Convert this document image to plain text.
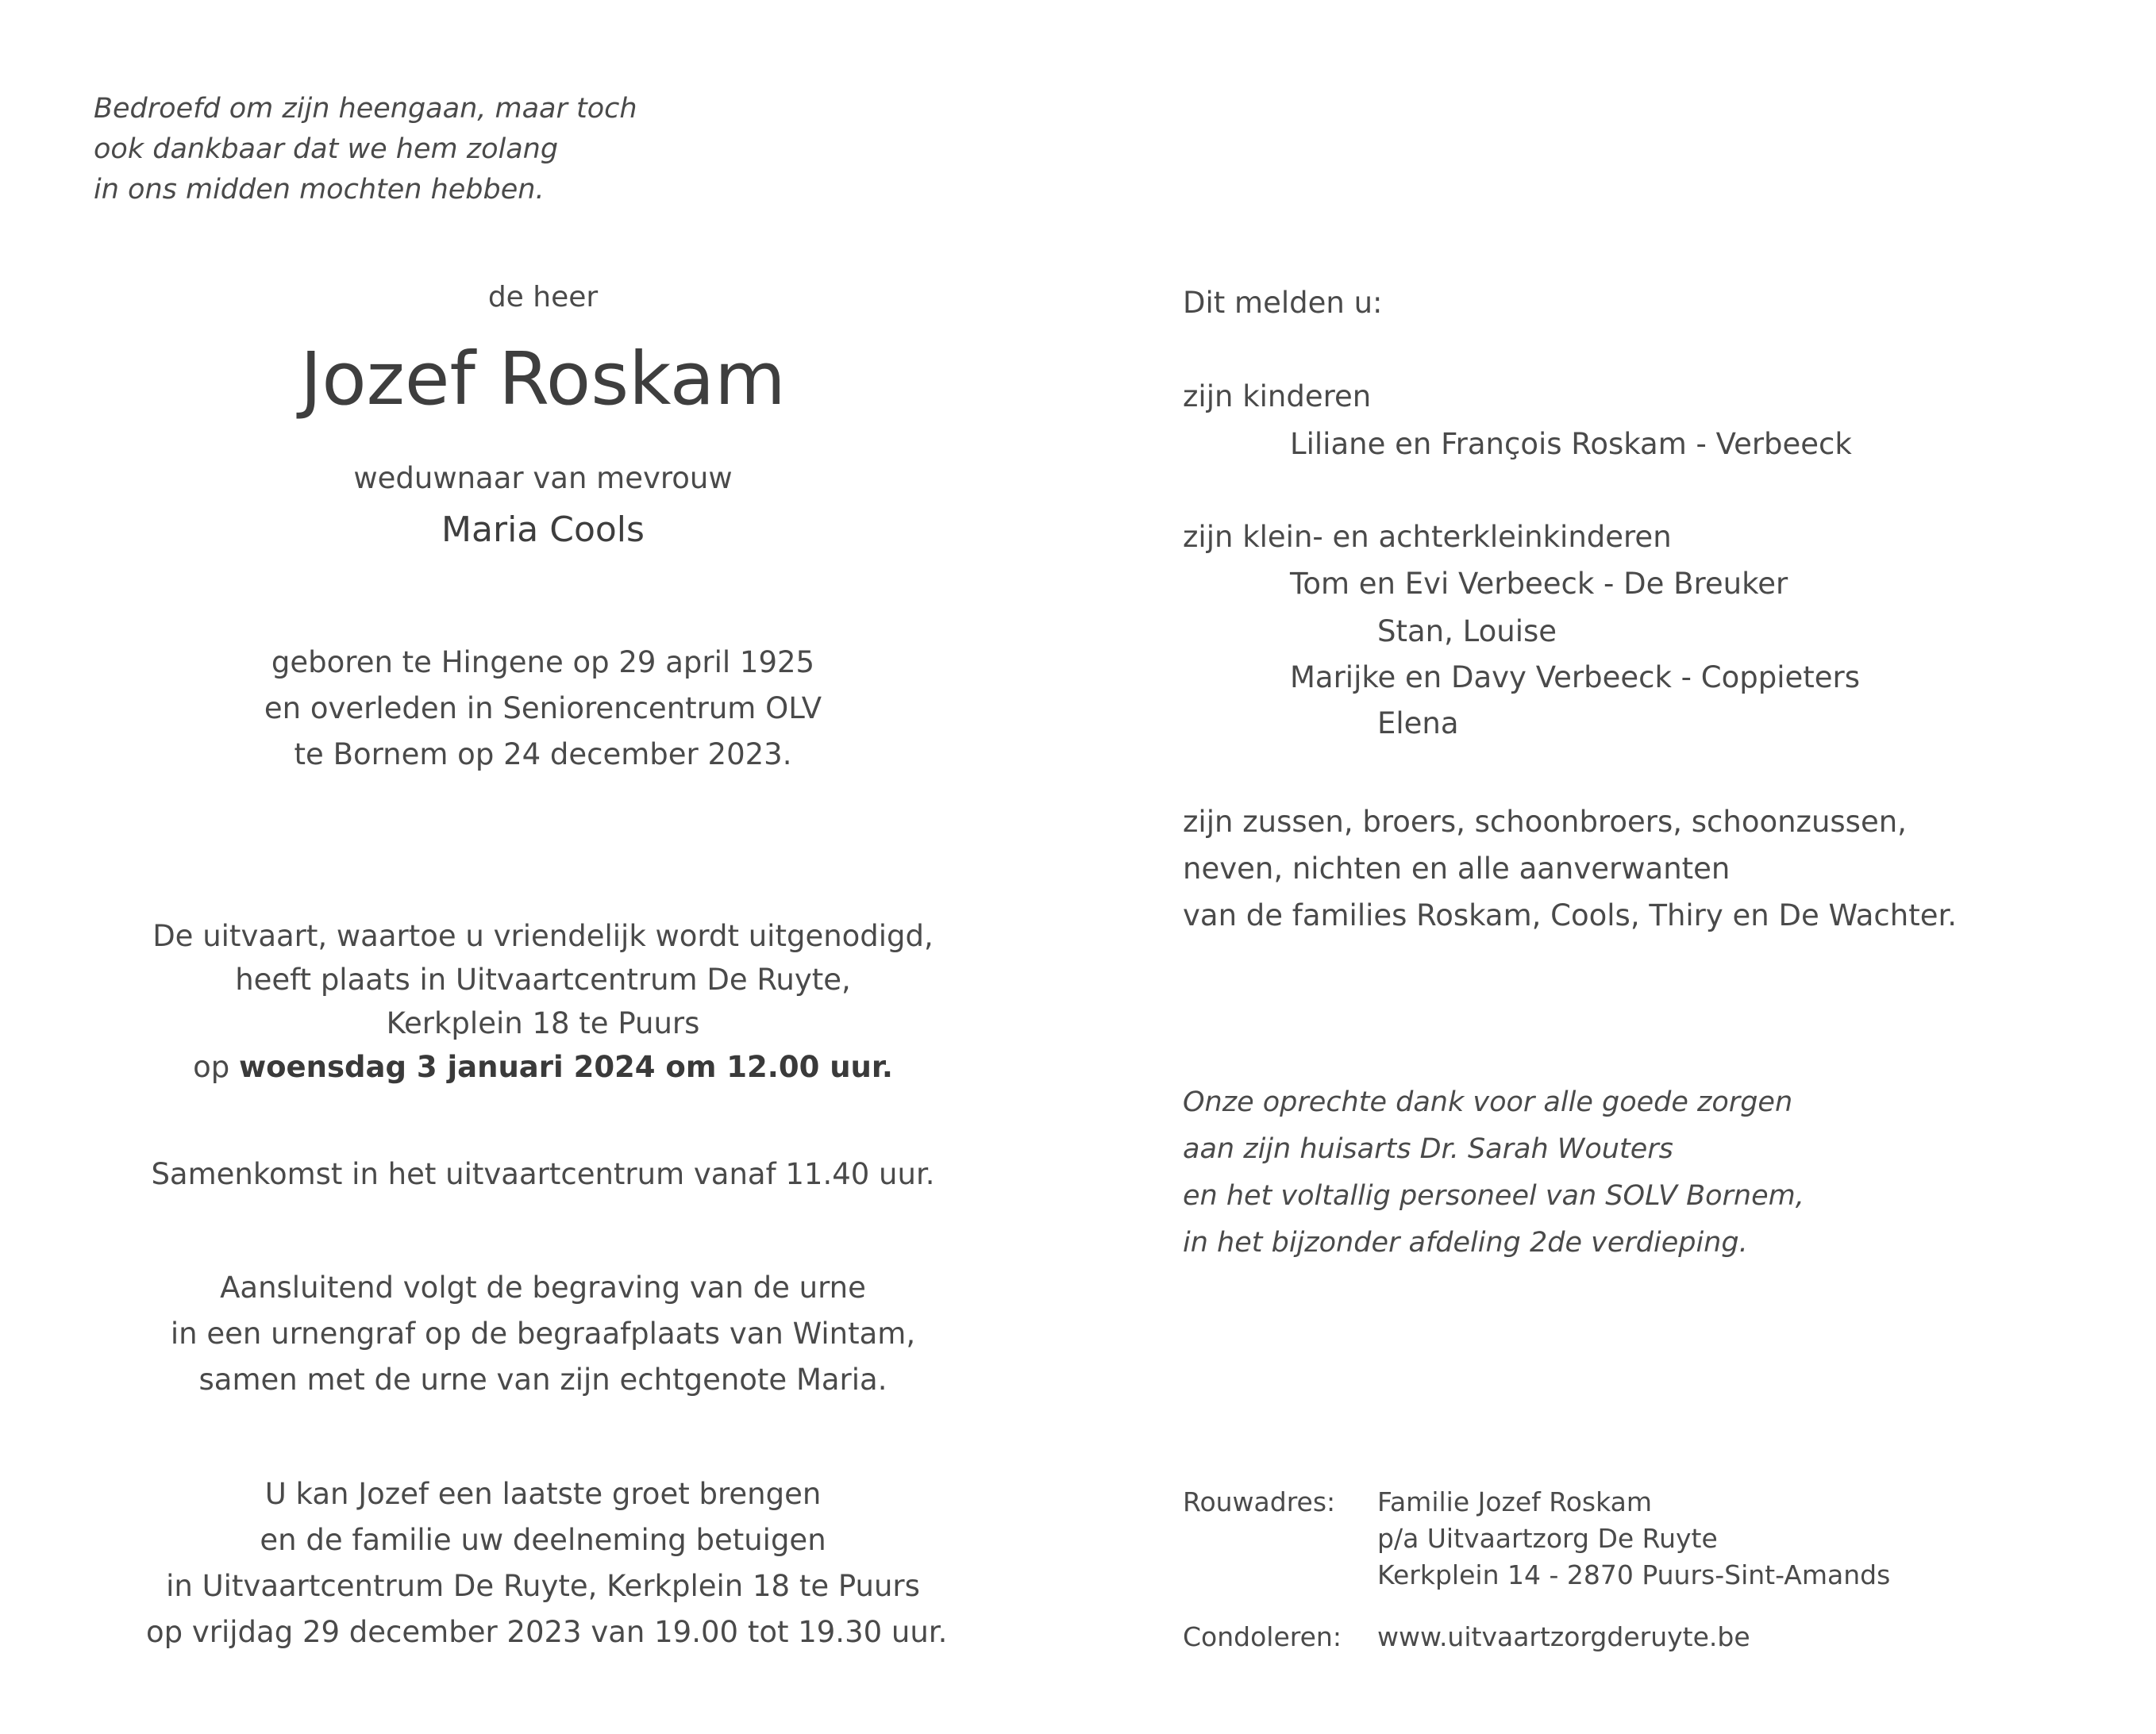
Bedroefd om zijn heengaan, maar toch
ook dankbaar dat we hem zolang
in ons midden mochten hebben.
de heer
Jozef Roskam
weduwnaar van mevrouw
Maria Cools
geboren te Hingene op 29 april 1925
en overleden in Seniorencentrum OLV
te Bornem op 24 december 2023.
De uitvaart, waartoe u vriendelijk wordt uitgenodigd,
heeft plaats in Uitvaartcentrum De Ruyte,
Kerkplein 18 te Puurs
op woensdag 3 januari 2024 om 12.00 uur.
Samenkomst in het uitvaartcentrum vanaf 11.40 uur.
Aansluitend volgt de begraving van de urne
in een urnengraf op de begraafplaats van Wintam,
samen met de urne van zijn echtgenote Maria.
U kan Jozef een laatste groet brengen
en de familie uw deelneming betuigen
in Uitvaartcentrum De Ruyte, Kerkplein 18 te Puurs
op vrijdag 29 december 2023 van 19.00 tot 19.30 uur.
Dit melden u:
zijn kinderen
Liliane en François Roskam - Verbeeck
zijn klein- en achterkleinkinderen
Tom en Evi Verbeeck - De Breuker
Stan, Louise
Marijke en Davy Verbeeck - Coppieters
Elena
zijn zussen, broers, schoonbroers, schoonzussen,
neven, nichten en alle aanverwanten
van de families Roskam, Cools, Thiry en De Wachter.
Onze oprechte dank voor alle goede zorgen
aan zijn huisarts Dr. Sarah Wouters
en het voltallig personeel van SOLV Bornem,
in het bijzonder afdeling 2de verdieping.
Rouwadres: Familie Jozef Roskam
p/a Uitvaartzorg De Ruyte
Kerkplein 14 - 2870 Puurs-Sint-Amands
Condoleren: www.uitvaartzorgderuyte.be
